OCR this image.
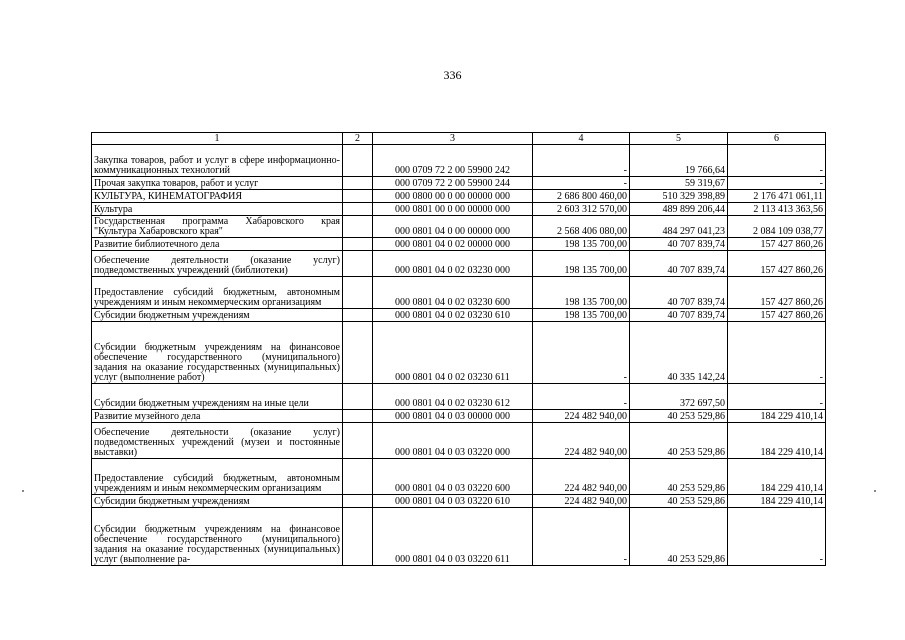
336
1	2	3	4	5	6
Закупка товаров, работ и услуг в сфере информационно-коммуникационных технологий		000 0709 72 2 00 59900 242	-	19 766,64	-
Прочая закупка товаров, работ и услуг		000 0709 72 2 00 59900 244	-	59 319,67	-
КУЛЬТУРА, КИНЕМАТОГРАФИЯ		000 0800 00 0 00 00000 000	2 686 800 460,00	510 329 398,89	2 176 471 061,11
Культура		000 0801 00 0 00 00000 000	2 603 312 570,00	489 899 206,44	2 113 413 363,56
Государственная программа Хабаровского края "Культура Хабаровского края"		000 0801 04 0 00 00000 000	2 568 406 080,00	484 297 041,23	2 084 109 038,77
Развитие библиотечного дела		000 0801 04 0 02 00000 000	198 135 700,00	40 707 839,74	157 427 860,26
Обеспечение деятельности (оказание услуг) подведомственных учреждений (библиотеки)		000 0801 04 0 02 03230 000	198 135 700,00	40 707 839,74	157 427 860,26
Предоставление субсидий бюджетным, автономным учреждениям и иным некоммерческим организациям		000 0801 04 0 02 03230 600	198 135 700,00	40 707 839,74	157 427 860,26
Субсидии бюджетным учреждениям		000 0801 04 0 02 03230 610	198 135 700,00	40 707 839,74	157 427 860,26
Субсидии бюджетным учреждениям на финансовое обеспечение государственного (муниципального) задания на оказание государственных (муниципальных) услуг (выполнение работ)		000 0801 04 0 02 03230 611	-	40 335 142,24	-
Субсидии бюджетным учреждениям на иные цели		000 0801 04 0 02 03230 612	-	372 697,50	-
Развитие музейного дела		000 0801 04 0 03 00000 000	224 482 940,00	40 253 529,86	184 229 410,14
Обеспечение деятельности (оказание услуг) подведомственных учреждений (музеи и постоянные выставки)		000 0801 04 0 03 03220 000	224 482 940,00	40 253 529,86	184 229 410,14
Предоставление субсидий бюджетным, автономным учреждениям и иным некоммерческим организациям		000 0801 04 0 03 03220 600	224 482 940,00	40 253 529,86	184 229 410,14
Субсидии бюджетным учреждениям		000 0801 04 0 03 03220 610	224 482 940,00	40 253 529,86	184 229 410,14
Субсидии бюджетным учреждениям на финансовое обеспечение государственного (муниципального) задания на оказание государственных (муниципальных) услуг (выполнение ра-		000 0801 04 0 03 03220 611	-	40 253 529,86	-
